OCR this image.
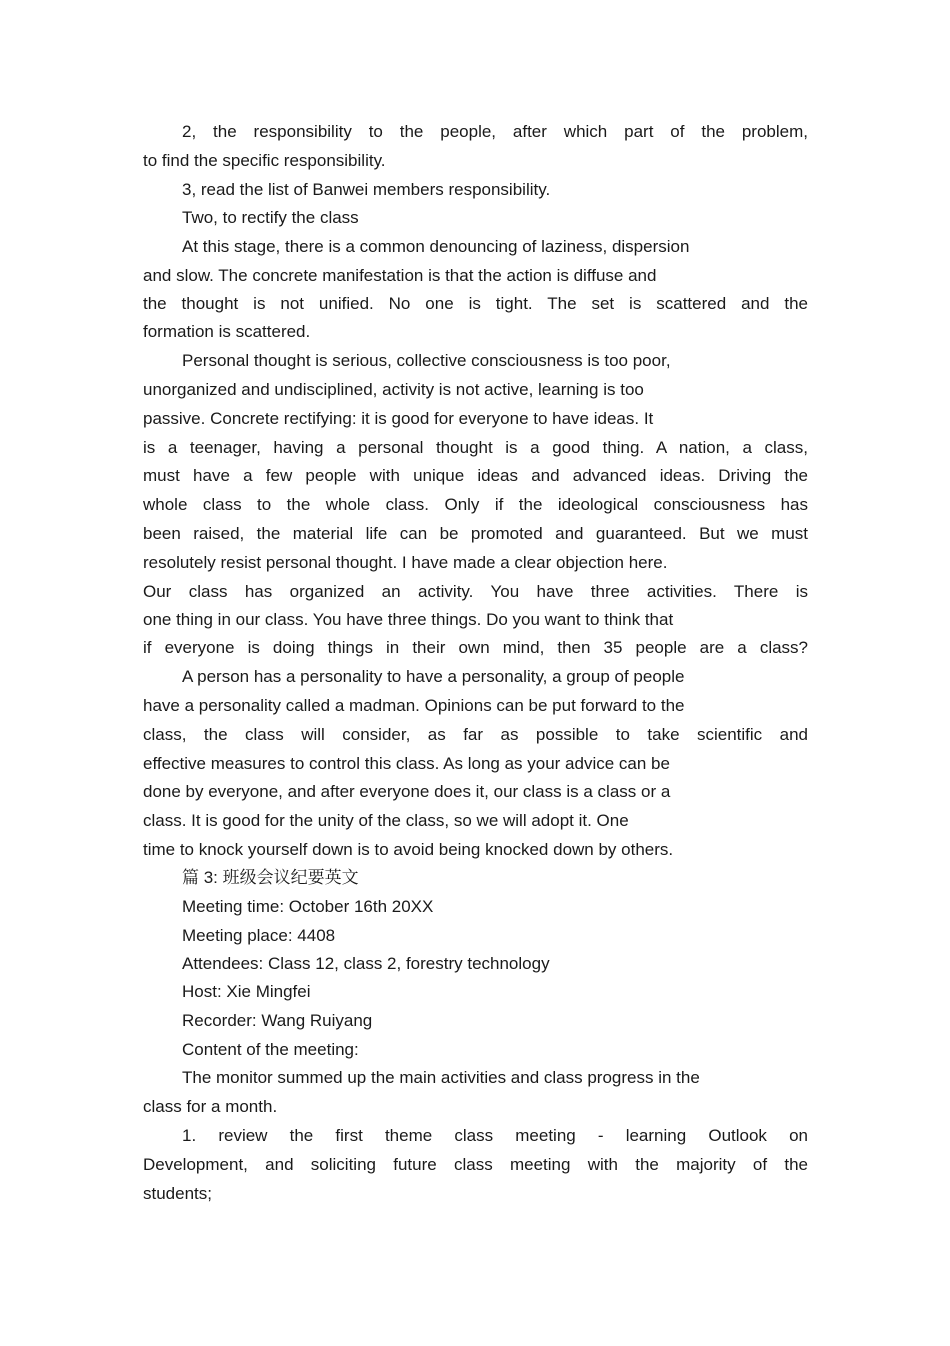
2, the responsibility to the people, after which part of the problem,
to find the specific responsibility.
3, read the list of Banwei members responsibility.
Two, to rectify the class
At this stage, there is a common denouncing of laziness, dispersion
and slow. The concrete manifestation is that the action is diffuse and
the thought is not unified. No one is tight. The set is scattered and the
formation is scattered.
Personal thought is serious, collective consciousness is too poor,
unorganized and undisciplined, activity is not active, learning is too
passive. Concrete rectifying: it is good for everyone to have ideas. It
is a teenager, having a personal thought is a good thing. A nation, a class,
must have a few people with unique ideas and advanced ideas. Driving the
whole class to the whole class. Only if the ideological consciousness has
been raised, the material life can be promoted and guaranteed. But we must
resolutely resist personal thought. I have made a clear objection here.
Our class has organized an activity. You have three activities. There is
one thing in our class. You have three things. Do you want to think that
if everyone is doing things in their own mind, then 35 people are a class?
A person has a personality to have a personality, a group of people
have a personality called a madman. Opinions can be put forward to the
class, the class will consider, as far as possible to take scientific and
effective measures to control this class. As long as your advice can be
done by everyone, and after everyone does it, our class is a class or a
class. It is good for the unity of the class, so we will adopt it. One
time to knock yourself down is to avoid being knocked down by others.
篇 3: 班级会议纪要英文
Meeting time: October 16th 20XX
Meeting place: 4408
Attendees: Class 12, class 2, forestry technology
Host: Xie Mingfei
Recorder: Wang Ruiyang
Content of the meeting:
The monitor summed up the main activities and class progress in the
class for a month.
1. review the first theme class meeting - learning Outlook on
Development, and soliciting future class meeting with the majority of the
students;
